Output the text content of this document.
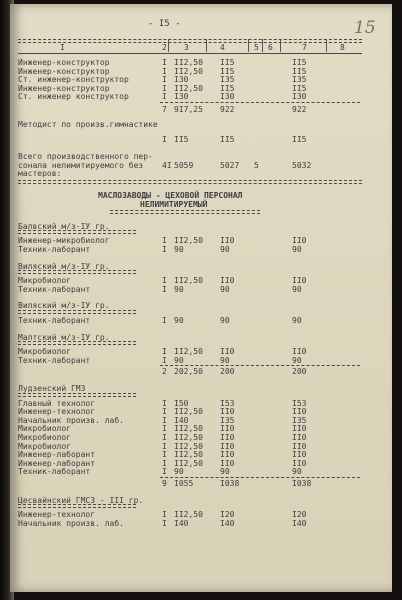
- I5 -	15
I	2 3	4	5 6	7	8
Инженер-конструктор	I II2,50 II5	II5
Инженер-конструктор	I II2,50 II5	II5
Ст. инженер-конструктор	I I30	I35	I35
Инженер-конструктор	I II2,50 II5	II5
Ст. инженер конструктор	I I30	I30	I30
7 9I7,25 922	922
Методист по произв.гимнастике
I II5	II5	II5
Всего производственного пер-
сонала нелимитируемого без
мастеров:
4I 5059	5027 5	5032
МАСЛОЗАВОДЫ - ЦЕХОВОЙ ПЕРСОНАЛ
НЕЛИМИТИРУЕМЫЙ
Балвский м/з-IУ гр.
Инженер-микробиолог	I II2,50 II0	II0
Техник-лаборант	I 90	90	90
Виляский м/з-IУ гр.
Микробиолог	I II2,50 II0	II0
Техник-лаборант	I 90	90	90
Виляский м/з-IУ гр.
Техник-лаборант	I 90	90	90
Малтский м/з-IУ гр.
Микробиолог	I II2,50 II0	II0
Техник-лаборант	I 90	90	90
2 202,50 200	200
Лудзенский ГМЗ
Главный технолог	I I50	I53	I53
Инженер-технолог	I II2,50 II0	II0
Начальник произв. лаб.	I I40	I35	I35
Микробиолог	I II2,50 II0	II0
Микробиолог	I II2,50 II0	II0
Микробиолог	I II2,50 II0	II0
Инженер-лаборант	I II2,50 II0	II0
Инженер-лаборант	I II2,50 II0	II0
Техник-лаборант	I 90	90	90
9 I055	I038	I038
Цесвайнский ГМСЗ - III гр.
Инженер-технолог	I II2,50 I20	I20
Начальник произв. лаб.	I I40	I40	I40
